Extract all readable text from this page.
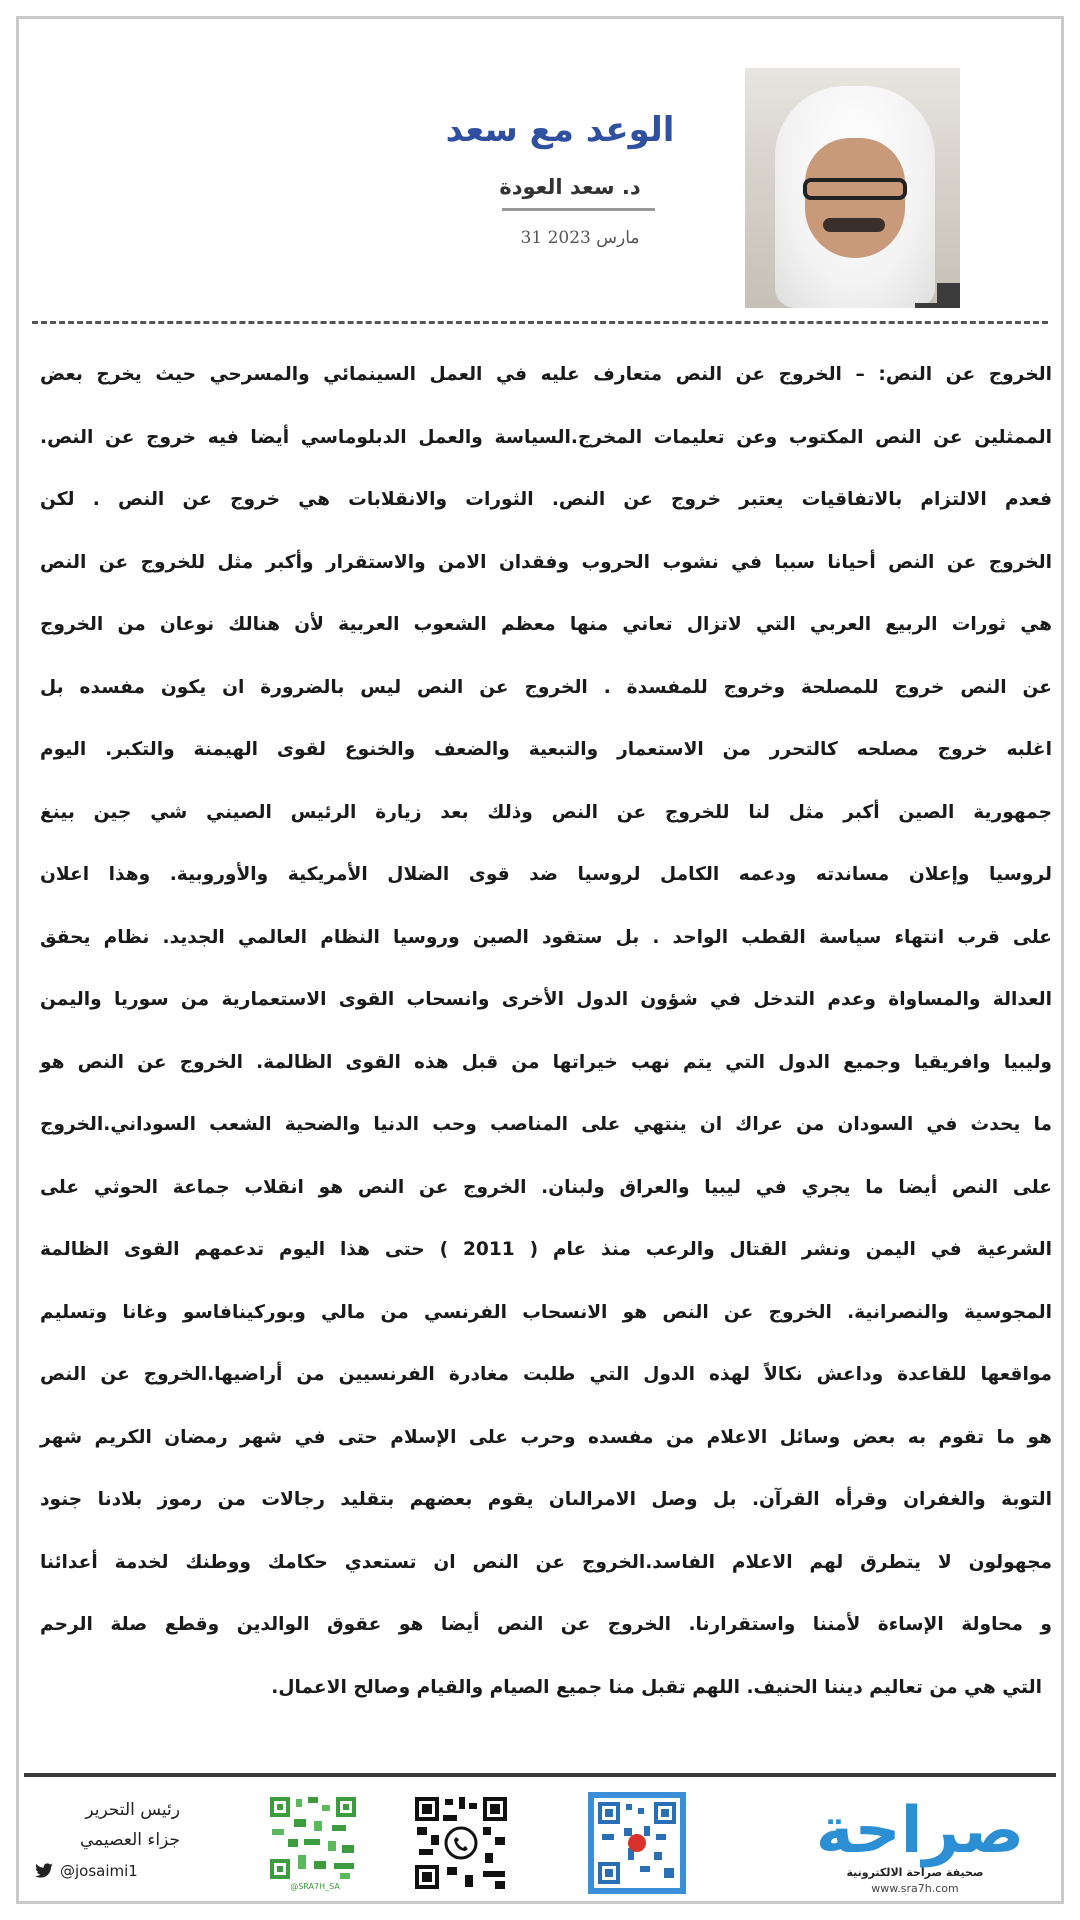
الوعد مع سعد
د. سعد العودة
31 مارس 2023
الخروج عن النص: – الخروج عن النص متعارف عليه في العمل السينمائي والمسرحي حيث يخرج بعض
الممثلين عن النص المكتوب وعن تعليمات المخرج.السياسة والعمل الدبلوماسي أيضا فيه خروج عن النص.
فعدم الالتزام بالاتفاقيات يعتبر خروج عن النص. الثورات والانقلابات هي خروج عن النص . لكن
الخروج عن النص أحيانا سببا في نشوب الحروب وفقدان الامن والاستقرار وأكبر مثل للخروج عن النص
هي ثورات الربيع العربي التي لاتزال تعاني منها معظم الشعوب العربية لأن هنالك نوعان من الخروج
عن النص خروج للمصلحة وخروج للمفسدة . الخروج عن النص ليس بالضرورة ان يكون مفسده بل
اغلبه خروج مصلحه كالتحرر من الاستعمار والتبعية والضعف والخنوع لقوى الهيمنة والتكبر. اليوم
جمهورية الصين أكبر مثل لنا للخروج عن النص وذلك بعد زيارة الرئيس الصيني شي جين بينغ
لروسيا وإعلان مساندته ودعمه الكامل لروسيا ضد قوى الضلال الأمريكية والأوروبية. وهذا اعلان
على قرب انتهاء سياسة القطب الواحد . بل ستقود الصين وروسيا النظام العالمي الجديد. نظام يحقق
العدالة والمساواة وعدم التدخل في شؤون الدول الأخرى وانسحاب القوى الاستعمارية من سوريا واليمن
وليبيا وافريقيا وجميع الدول التي يتم نهب خيراتها من قبل هذه القوى الظالمة. الخروج عن النص هو
ما يحدث في السودان من عراك ان ينتهي على المناصب وحب الدنيا والضحية الشعب السوداني.الخروج
على النص أيضا ما يجري في ليبيا والعراق ولبنان. الخروج عن النص هو انقلاب جماعة الحوثي على
الشرعية في اليمن ونشر القتال والرعب منذ عام ( 2011 ) حتى هذا اليوم تدعمهم القوى الظالمة
المجوسية والنصرانية. الخروج عن النص هو الانسحاب الفرنسي من مالي وبوركينافاسو وغانا وتسليم
مواقعها للقاعدة وداعش نكالاً لهذه الدول التي طلبت مغادرة الفرنسيين من أراضيها.الخروج عن النص
هو ما تقوم به بعض وسائل الاعلام من مفسده وحرب على الإسلام حتى في شهر رمضان الكريم شهر
التوبة والغفران وقرأه القرآن. بل وصل الامرالىان يقوم بعضهم بتقليد رجالات من رموز بلادنا جنود
مجهولون لا يتطرق لهم الاعلام الفاسد.الخروج عن النص ان تستعدي حكامك ووطنك لخدمة أعدائنا
و محاولة الإساءة لأمننا واستقرارنا. الخروج عن النص أيضا هو عقوق الوالدين وقطع صلة الرحم
التي هي من تعاليم ديننا الحنيف. اللهم تقبل منا جميع الصيام والقيام وصالح الاعمال.
صراحة
صحيفة صراحة الالكترونية
www.sra7h.com
@SRA7H_SA
رئيس التحرير
جزاء العصيمي
@josaimi1
